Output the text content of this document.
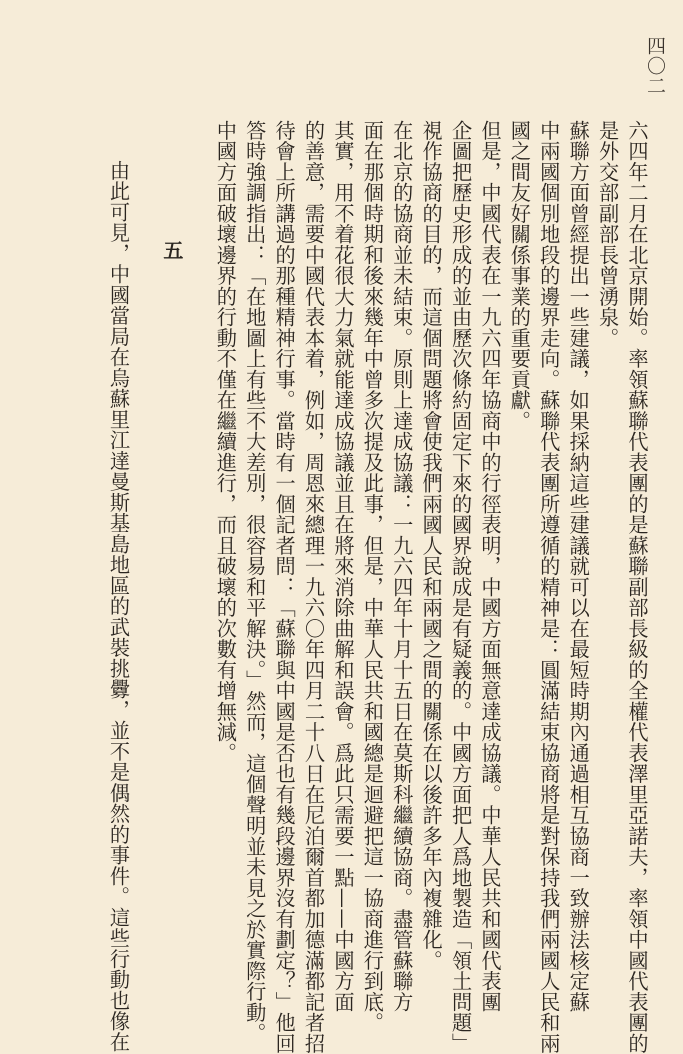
四〇二
六四年二月在北京開始。率領蘇聯代表團的是蘇聯副部長級的全權代表澤里亞諾夫，率領中國代表團的
是外交部副部長曾湧泉。
蘇聯方面曾經提出一些建議，如果採納這些建議就可以在最短時期內通過相互協商一致辦法核定蘇
中兩國個別地段的邊界走向。蘇聯代表團所遵循的精神是：圓滿結束協商將是對保持我們兩國人民和兩
國之間友好關係事業的重要貢獻。
但是，中國代表在一九六四年協商中的行徑表明，中國方面無意達成協議。中華人民共和國代表團
企圖把歷史形成的並由歷次條約固定下來的國界說成是有疑義的。中國方面把人爲地製造「領土問題」
視作協商的目的，而這個問題將會使我們兩國人民和兩國之間的關係在以後許多年內複雜化。
在北京的協商並未結束。原則上達成協議：一九六四年十月十五日在莫斯科繼續協商。盡管蘇聯方
面在那個時期和後來幾年中曾多次提及此事，但是，中華人民共和國總是迴避把這一協商進行到底。
其實，用不着花很大力氣就能達成協議並且在將來消除曲解和誤會。爲此只需要一點——中國方面
的善意，需要中國代表本着，例如，周恩來總理一九六〇年四月二十八日在尼泊爾首都加德滿都記者招
待會上所講過的那種精神行事。當時有一個記者問：「蘇聯與中國是否也有幾段邊界沒有劃定？」他回
答時強調指出：「在地圖上有些不大差別，很容易和平解決。」然而，這個聲明並未見之於實際行動。
中國方面破壞邊界的行動不僅在繼續進行，而且破壞的次數有增無減。
五
由此可見，中國當局在烏蘇里江達曼斯基島地區的武裝挑釁，並不是偶然的事件。這些行動也像在
